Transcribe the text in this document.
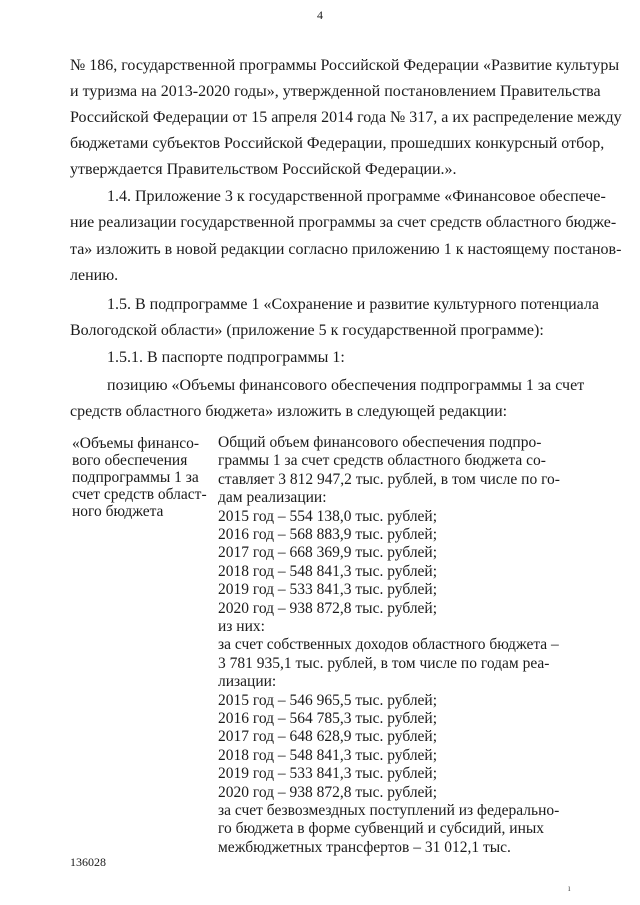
4
№ 186, государственной программы Российской Федерации «Развитие культуры
и туризма на 2013-2020 годы», утвержденной постановлением Правительства
Российской Федерации от 15 апреля 2014 года № 317, а их распределение между
бюджетами субъектов Российской Федерации, прошедших конкурсный отбор,
утверждается Правительством Российской Федерации.».
1.4. Приложение 3 к государственной программе «Финансовое обеспече-
ние реализации государственной программы за счет средств областного бюдже-
та» изложить в новой редакции согласно приложению 1 к настоящему постанов-
лению.
1.5. В подпрограмме 1 «Сохранение и развитие культурного потенциала
Вологодской области» (приложение 5 к государственной программе):
1.5.1. В паспорте подпрограммы 1:
позицию «Объемы финансового обеспечения подпрограммы 1 за счет
средств областного бюджета» изложить в следующей редакции:
«Объемы финансо-
вого обеспечения
подпрограммы 1 за
счет средств област-
ного бюджета
Общий объем финансового обеспечения подпро-
граммы 1 за счет средств областного бюджета со-
ставляет 3 812 947,2 тыс. рублей, в том числе по го-
дам реализации:
2015 год – 554 138,0 тыс. рублей;
2016 год – 568 883,9 тыс. рублей;
2017 год – 668 369,9 тыс. рублей;
2018 год – 548 841,3 тыс. рублей;
2019 год – 533 841,3 тыс. рублей;
2020 год – 938 872,8 тыс. рублей;
из них:
за счет собственных доходов областного бюджета –
3 781 935,1 тыс. рублей, в том числе по годам реа-
лизации:
2015 год – 546 965,5 тыс. рублей;
2016 год – 564 785,3 тыс. рублей;
2017 год – 648 628,9 тыс. рублей;
2018 год – 548 841,3 тыс. рублей;
2019 год – 533 841,3 тыс. рублей;
2020 год – 938 872,8 тыс. рублей;
за счет безвозмездных поступлений из федерально-
го бюджета в форме субвенций и субсидий, иных
межбюджетных трансфертов – 31 012,1 тыс.
136028
ı
